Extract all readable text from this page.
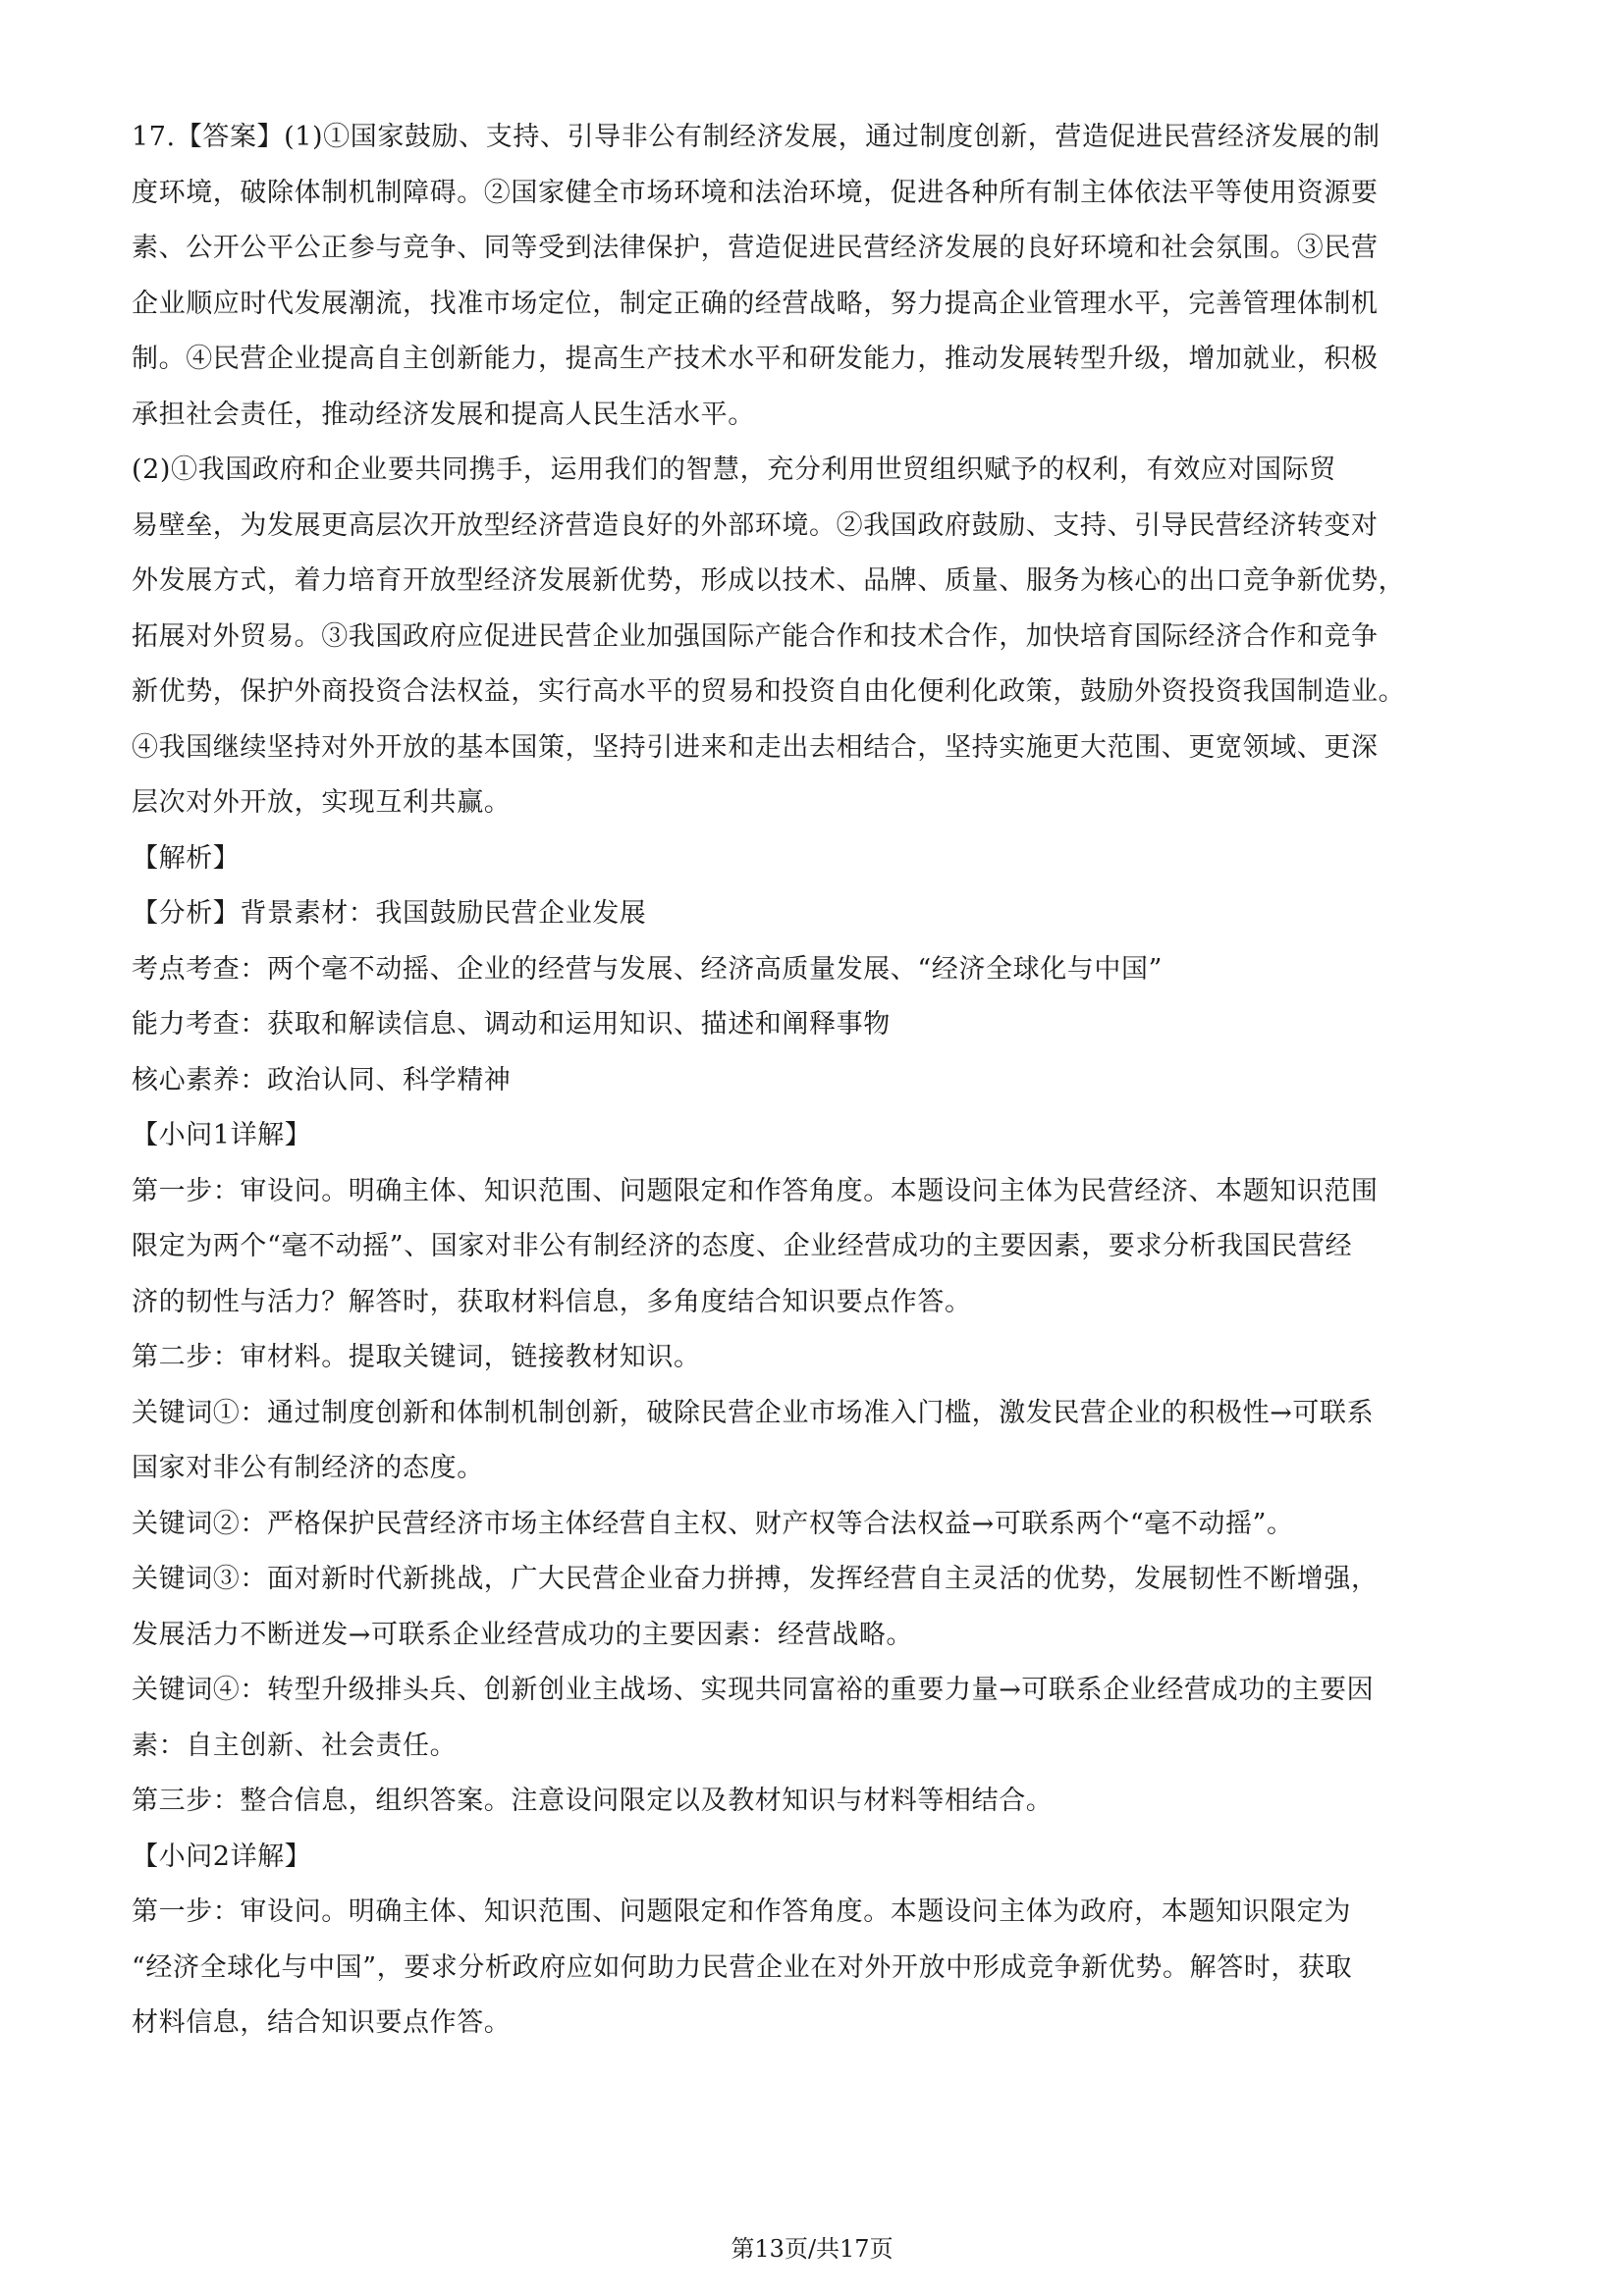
17.【答案】(1)①国家鼓励、支持、引导非公有制经济发展，通过制度创新，营造促进民营经济发展的制
度环境，破除体制机制障碍。②国家健全市场环境和法治环境，促进各种所有制主体依法平等使用资源要
素、公开公平公正参与竞争、同等受到法律保护，营造促进民营经济发展的良好环境和社会氛围。③民营
企业顺应时代发展潮流，找准市场定位，制定正确的经营战略，努力提高企业管理水平，完善管理体制机
制。④民营企业提高自主创新能力，提高生产技术水平和研发能力，推动发展转型升级，增加就业，积极
承担社会责任，推动经济发展和提高人民生活水平。
(2)①我国政府和企业要共同携手，运用我们的智慧，充分利用世贸组织赋予的权利，有效应对国际贸
易壁垒，为发展更高层次开放型经济营造良好的外部环境。②我国政府鼓励、支持、引导民营经济转变对
外发展方式，着力培育开放型经济发展新优势，形成以技术、品牌、质量、服务为核心的出口竞争新优势，
拓展对外贸易。③我国政府应促进民营企业加强国际产能合作和技术合作，加快培育国际经济合作和竞争
新优势，保护外商投资合法权益，实行高水平的贸易和投资自由化便利化政策，鼓励外资投资我国制造业。
④我国继续坚持对外开放的基本国策，坚持引进来和走出去相结合，坚持实施更大范围、更宽领域、更深
层次对外开放，实现互利共赢。
【解析】
【分析】背景素材：我国鼓励民营企业发展
考点考查：两个毫不动摇、企业的经营与发展、经济高质量发展、“经济全球化与中国”
能力考查：获取和解读信息、调动和运用知识、描述和阐释事物
核心素养：政治认同、科学精神
【小问1详解】
第一步：审设问。明确主体、知识范围、问题限定和作答角度。本题设问主体为民营经济、本题知识范围
限定为两个“毫不动摇”、国家对非公有制经济的态度、企业经营成功的主要因素，要求分析我国民营经
济的韧性与活力？解答时，获取材料信息，多角度结合知识要点作答。
第二步：审材料。提取关键词，链接教材知识。
关键词①：通过制度创新和体制机制创新，破除民营企业市场准入门槛，激发民营企业的积极性→可联系
国家对非公有制经济的态度。
关键词②：严格保护民营经济市场主体经营自主权、财产权等合法权益→可联系两个“毫不动摇”。
关键词③：面对新时代新挑战，广大民营企业奋力拼搏，发挥经营自主灵活的优势，发展韧性不断增强，
发展活力不断迸发→可联系企业经营成功的主要因素：经营战略。
关键词④：转型升级排头兵、创新创业主战场、实现共同富裕的重要力量→可联系企业经营成功的主要因
素：自主创新、社会责任。
第三步：整合信息，组织答案。注意设问限定以及教材知识与材料等相结合。
【小问2详解】
第一步：审设问。明确主体、知识范围、问题限定和作答角度。本题设问主体为政府，本题知识限定为
“经济全球化与中国”，要求分析政府应如何助力民营企业在对外开放中形成竞争新优势。解答时，获取
材料信息，结合知识要点作答。
第13页/共17页
